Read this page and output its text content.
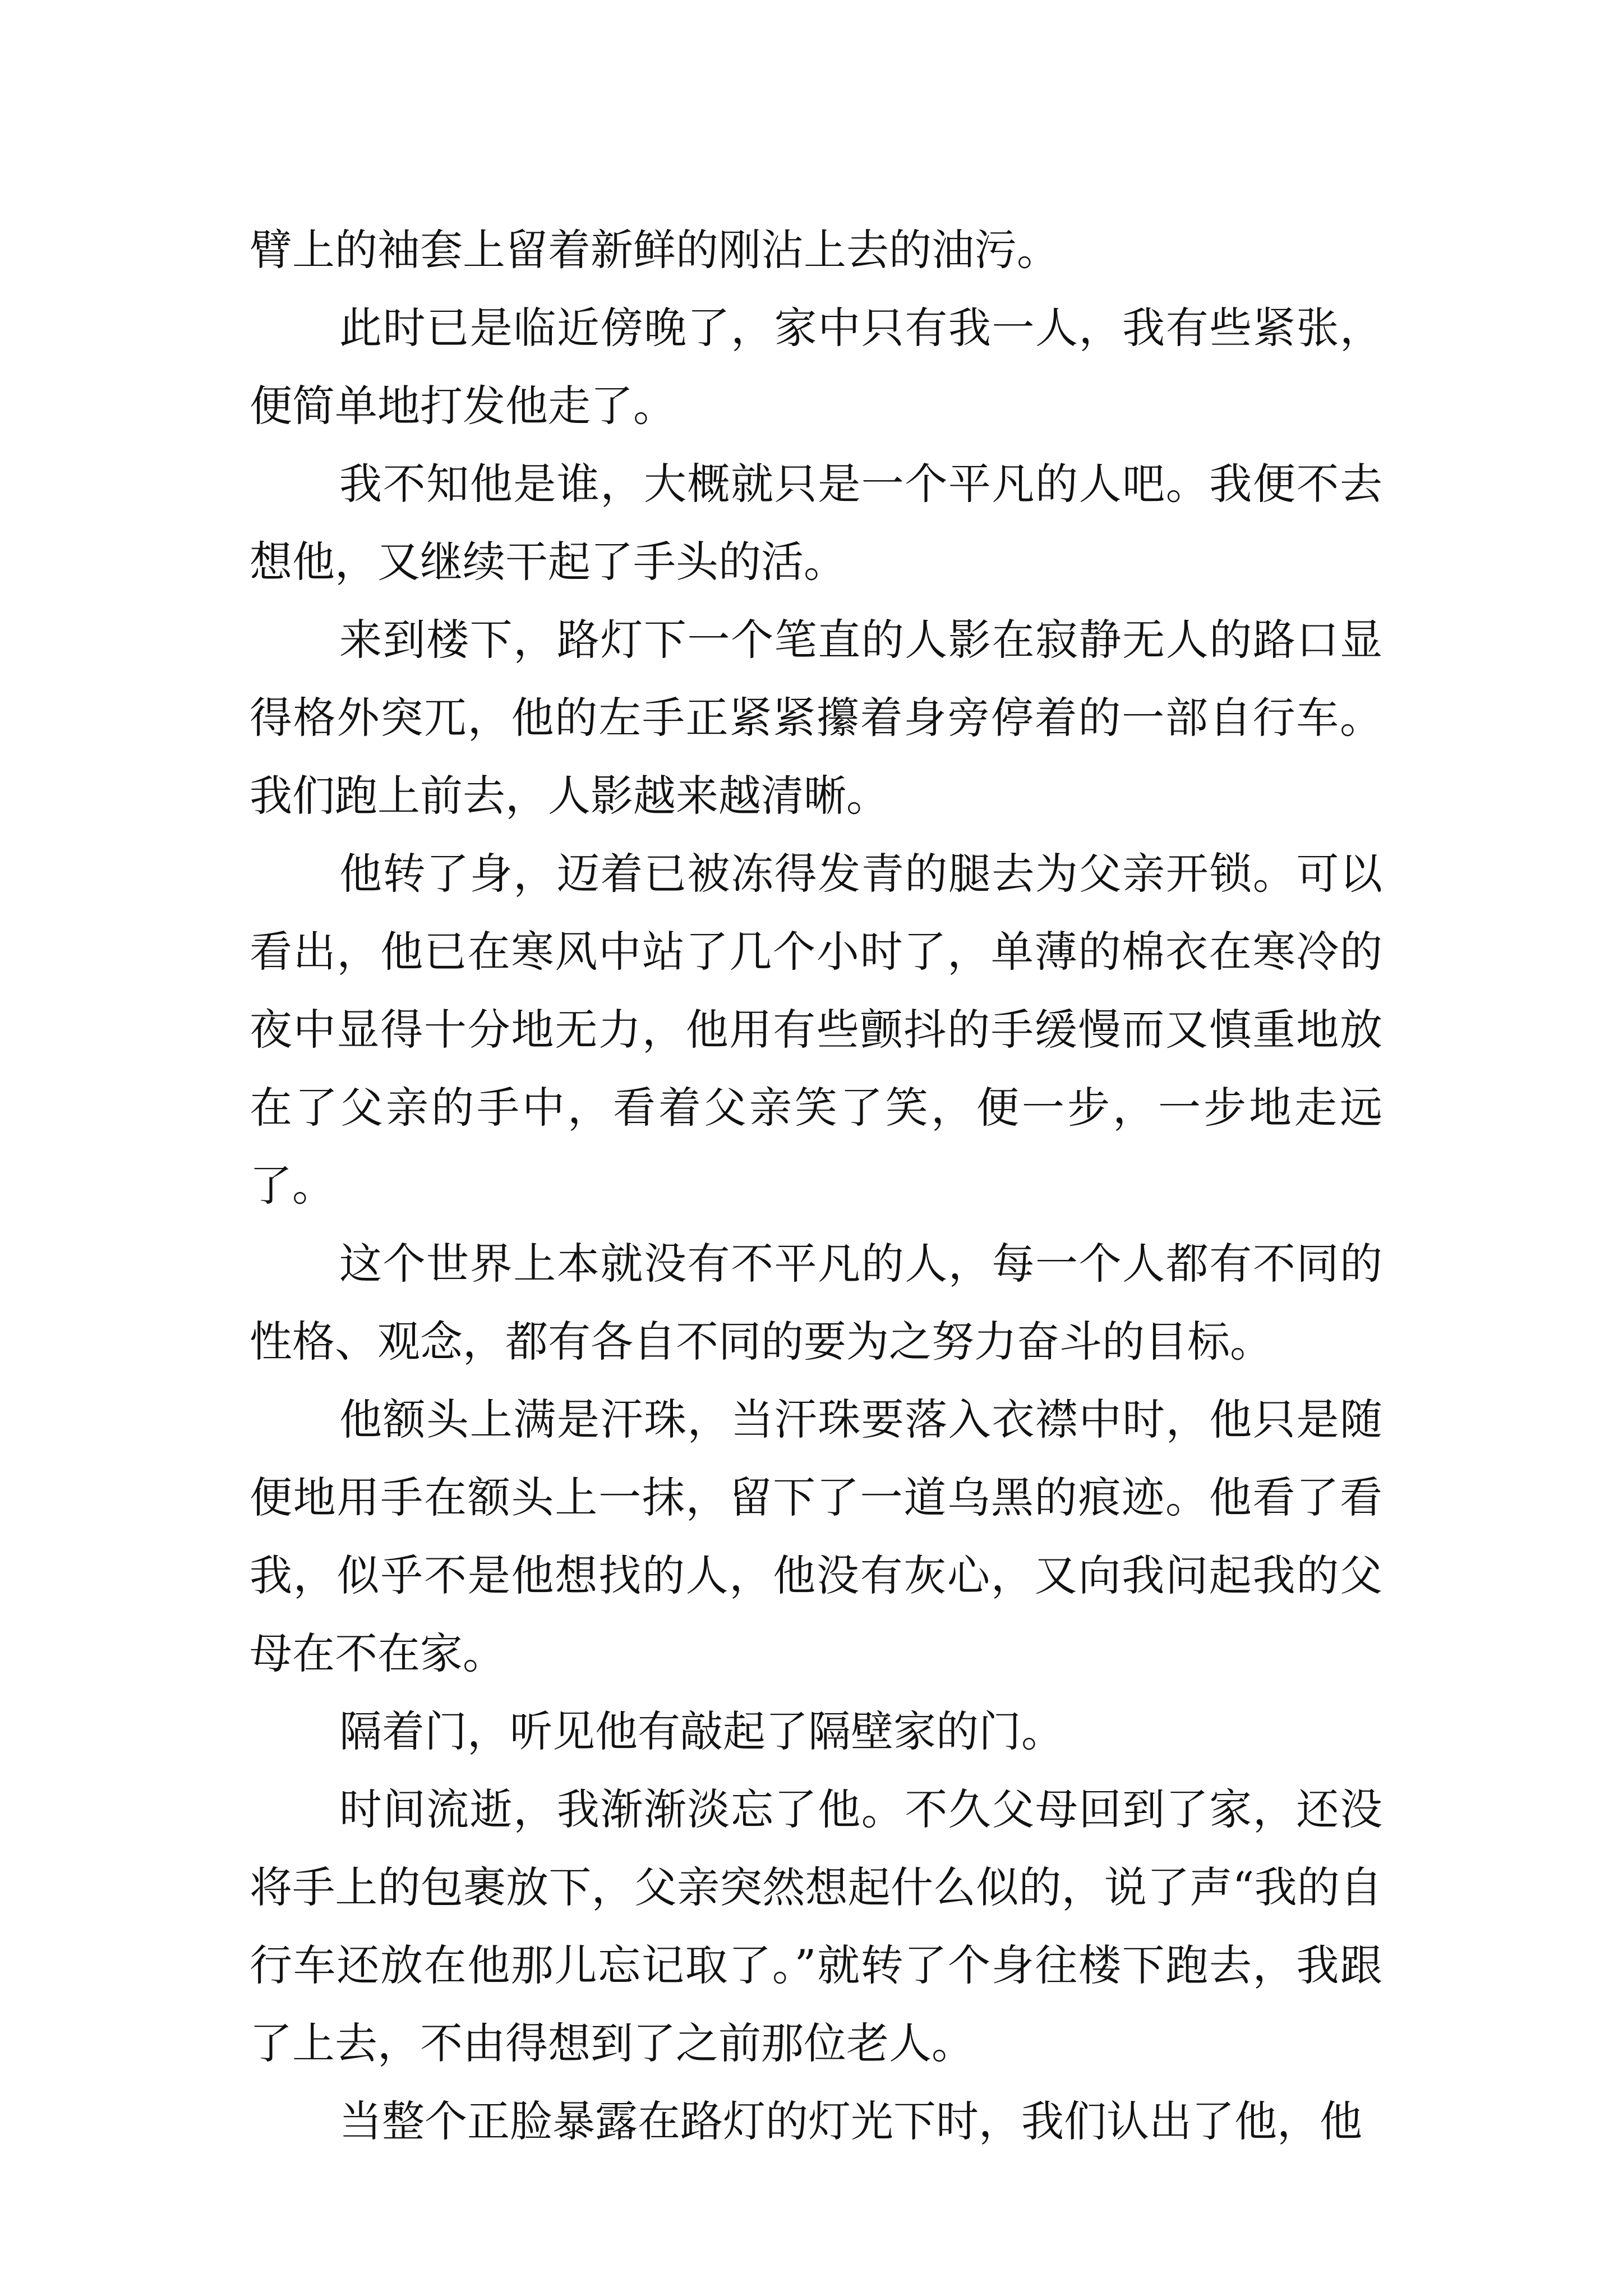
臂上的袖套上留着新鲜的刚沾上去的油污。

此时已是临近傍晚了，家中只有我一人，我有些紧张，便简单地打发他走了。

我不知他是谁，大概就只是一个平凡的人吧。我便不去想他，又继续干起了手头的活。

来到楼下，路灯下一个笔直的人影在寂静无人的路口显得格外突兀，他的左手正紧紧攥着身旁停着的一部自行车。我们跑上前去，人影越来越清晰。

他转了身，迈着已被冻得发青的腿去为父亲开锁。可以看出，他已在寒风中站了几个小时了，单薄的棉衣在寒冷的夜中显得十分地无力，他用有些颤抖的手缓慢而又慎重地放在了父亲的手中，看着父亲笑了笑，便一步，一步地走远了。

这个世界上本就没有不平凡的人，每一个人都有不同的性格、观念，都有各自不同的要为之努力奋斗的目标。

他额头上满是汗珠，当汗珠要落入衣襟中时，他只是随便地用手在额头上一抹，留下了一道乌黑的痕迹。他看了看我，似乎不是他想找的人，他没有灰心，又向我问起我的父母在不在家。

隔着门，听见他有敲起了隔壁家的门。

时间流逝，我渐渐淡忘了他。不久父母回到了家，还没将手上的包裹放下，父亲突然想起什么似的，说了声“我的自行车还放在他那儿忘记取了。”就转了个身往楼下跑去，我跟了上去，不由得想到了之前那位老人。

当整个正脸暴露在路灯的灯光下时，我们认出了他，他
